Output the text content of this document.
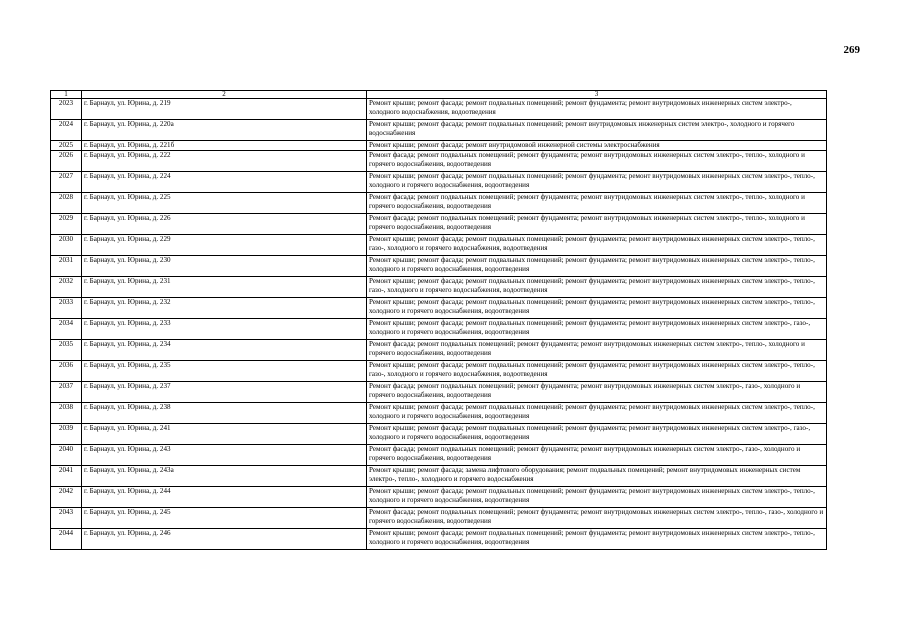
269
1	2	3
2023	г. Барнаул, ул. Юрина, д. 219	Ремонт крыши; ремонт фасада; ремонт подвальных помещений; ремонт фундамента; ремонт внутридомовых инженерных систем электро-, холодного водоснабжения, водоотведения
2024	г. Барнаул, ул. Юрина, д. 220а	Ремонт крыши; ремонт фасада; ремонт подвальных помещений; ремонт внутридомовых инженерных систем электро-, холодного и горячего водоснабжения
2025	г. Барнаул, ул. Юрина, д. 221б	Ремонт крыши; ремонт фасада; ремонт внутридомовой инженерной системы электроснабжения
2026	г. Барнаул, ул. Юрина, д. 222	Ремонт фасада; ремонт подвальных помещений; ремонт фундамента; ремонт внутридомовых инженерных систем электро-, тепло-, холодного и горячего водоснабжения, водоотведения
2027	г. Барнаул, ул. Юрина, д. 224	Ремонт крыши; ремонт фасада; ремонт подвальных помещений; ремонт фундамента; ремонт внутридомовых инженерных систем электро-, тепло-, холодного и горячего водоснабжения, водоотведения
2028	г. Барнаул, ул. Юрина, д. 225	Ремонт фасада; ремонт подвальных помещений; ремонт фундамента; ремонт внутридомовых инженерных систем электро-, тепло-, холодного и горячего водоснабжения, водоотведения
2029	г. Барнаул, ул. Юрина, д. 226	Ремонт фасада; ремонт подвальных помещений; ремонт фундамента; ремонт внутридомовых инженерных систем электро-, тепло-, холодного и горячего водоснабжения, водоотведения
2030	г. Барнаул, ул. Юрина, д. 229	Ремонт крыши; ремонт фасада; ремонт подвальных помещений; ремонт фундамента; ремонт внутридомовых инженерных систем электро-, тепло-, газо-, холодного и горячего водоснабжения, водоотведения
2031	г. Барнаул, ул. Юрина, д. 230	Ремонт крыши; ремонт фасада; ремонт подвальных помещений; ремонт фундамента; ремонт внутридомовых инженерных систем электро-, тепло-, холодного и горячего водоснабжения, водоотведения
2032	г. Барнаул, ул. Юрина, д. 231	Ремонт крыши; ремонт фасада; ремонт подвальных помещений; ремонт фундамента; ремонт внутридомовых инженерных систем электро-, тепло-, газо-, холодного и горячего водоснабжения, водоотведения
2033	г. Барнаул, ул. Юрина, д. 232	Ремонт крыши; ремонт фасада; ремонт подвальных помещений; ремонт фундамента; ремонт внутридомовых инженерных систем электро-, тепло-, холодного и горячего водоснабжения, водоотведения
2034	г. Барнаул, ул. Юрина, д. 233	Ремонт крыши; ремонт фасада; ремонт подвальных помещений; ремонт фундамента; ремонт внутридомовых инженерных систем электро-, газо-, холодного и горячего водоснабжения, водоотведения
2035	г. Барнаул, ул. Юрина, д. 234	Ремонт фасада; ремонт подвальных помещений; ремонт фундамента; ремонт внутридомовых инженерных систем электро-, тепло-, холодного и горячего водоснабжения, водоотведения
2036	г. Барнаул, ул. Юрина, д. 235	Ремонт крыши; ремонт фасада; ремонт подвальных помещений; ремонт фундамента; ремонт внутридомовых инженерных систем электро-, тепло-, газо-, холодного и горячего водоснабжения, водоотведения
2037	г. Барнаул, ул. Юрина, д. 237	Ремонт фасада; ремонт подвальных помещений; ремонт фундамента; ремонт внутридомовых инженерных систем электро-, газо-, холодного и горячего водоснабжения, водоотведения
2038	г. Барнаул, ул. Юрина, д. 238	Ремонт крыши; ремонт фасада; ремонт подвальных помещений; ремонт фундамента; ремонт внутридомовых инженерных систем электро-, тепло-, холодного и горячего водоснабжения, водоотведения
2039	г. Барнаул, ул. Юрина, д. 241	Ремонт крыши; ремонт фасада; ремонт подвальных помещений; ремонт фундамента; ремонт внутридомовых инженерных систем электро-, газо-, холодного и горячего водоснабжения, водоотведения
2040	г. Барнаул, ул. Юрина, д. 243	Ремонт фасада; ремонт подвальных помещений; ремонт фундамента; ремонт внутридомовых инженерных систем электро-, газо-, холодного и горячего водоснабжения, водоотведения
2041	г. Барнаул, ул. Юрина, д. 243а	Ремонт крыши; ремонт фасада; замена лифтового оборудования; ремонт подвальных помещений; ремонт внутридомовых инженерных систем электро-, тепло-, холодного и горячего водоснабжения
2042	г. Барнаул, ул. Юрина, д. 244	Ремонт крыши; ремонт фасада; ремонт подвальных помещений; ремонт фундамента; ремонт внутридомовых инженерных систем электро-, тепло-, холодного и горячего водоснабжения, водоотведения
2043	г. Барнаул, ул. Юрина, д. 245	Ремонт фасада; ремонт подвальных помещений; ремонт фундамента; ремонт внутридомовых инженерных систем электро-, тепло-, газо-, холодного и горячего водоснабжения, водоотведения
2044	г. Барнаул, ул. Юрина, д. 246	Ремонт крыши; ремонт фасада; ремонт подвальных помещений; ремонт фундамента; ремонт внутридомовых инженерных систем электро-, тепло-, холодного и горячего водоснабжения, водоотведения
